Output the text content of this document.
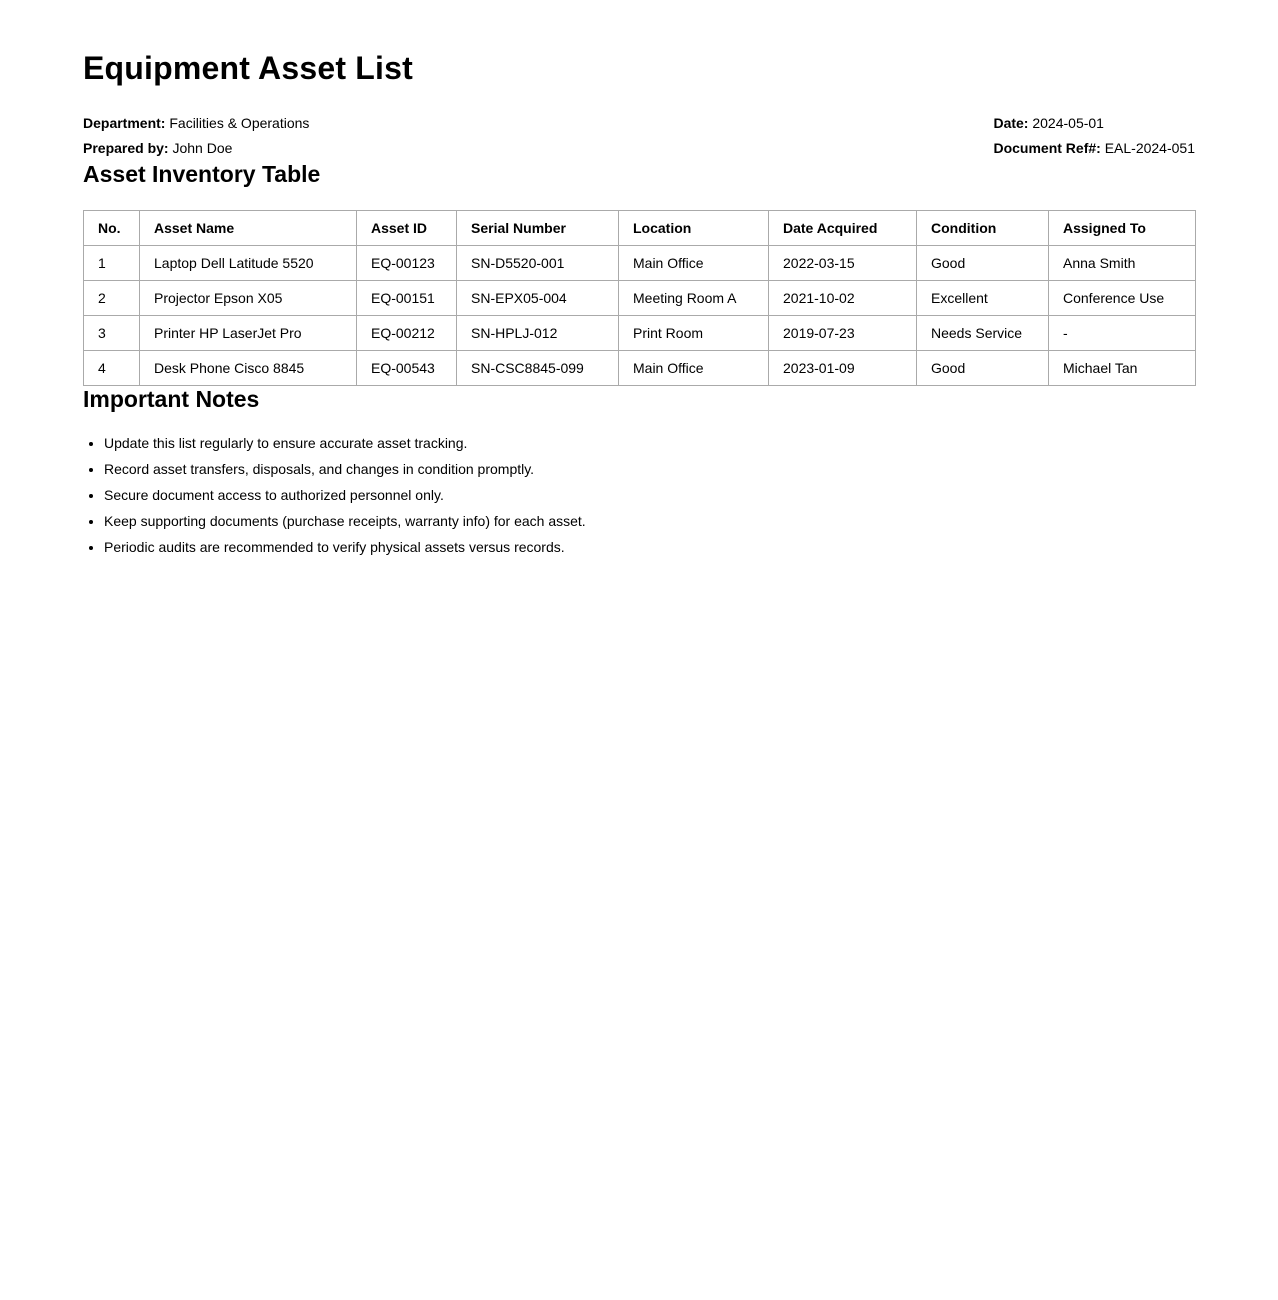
Equipment Asset List
Department: Facilities & Operations
Prepared by: John Doe
Date: 2024-05-01
Document Ref#: EAL-2024-051
Asset Inventory Table
No.	Asset Name	Asset ID	Serial Number	Location	Date Acquired	Condition	Assigned To
1	Laptop Dell Latitude 5520	EQ-00123	SN-D5520-001	Main Office	2022-03-15	Good	Anna Smith
2	Projector Epson X05	EQ-00151	SN-EPX05-004	Meeting Room A	2021-10-02	Excellent	Conference Use
3	Printer HP LaserJet Pro	EQ-00212	SN-HPLJ-012	Print Room	2019-07-23	Needs Service	-
4	Desk Phone Cisco 8845	EQ-00543	SN-CSC8845-099	Main Office	2023-01-09	Good	Michael Tan
Important Notes
• Update this list regularly to ensure accurate asset tracking.
• Record asset transfers, disposals, and changes in condition promptly.
• Secure document access to authorized personnel only.
• Keep supporting documents (purchase receipts, warranty info) for each asset.
• Periodic audits are recommended to verify physical assets versus records.
